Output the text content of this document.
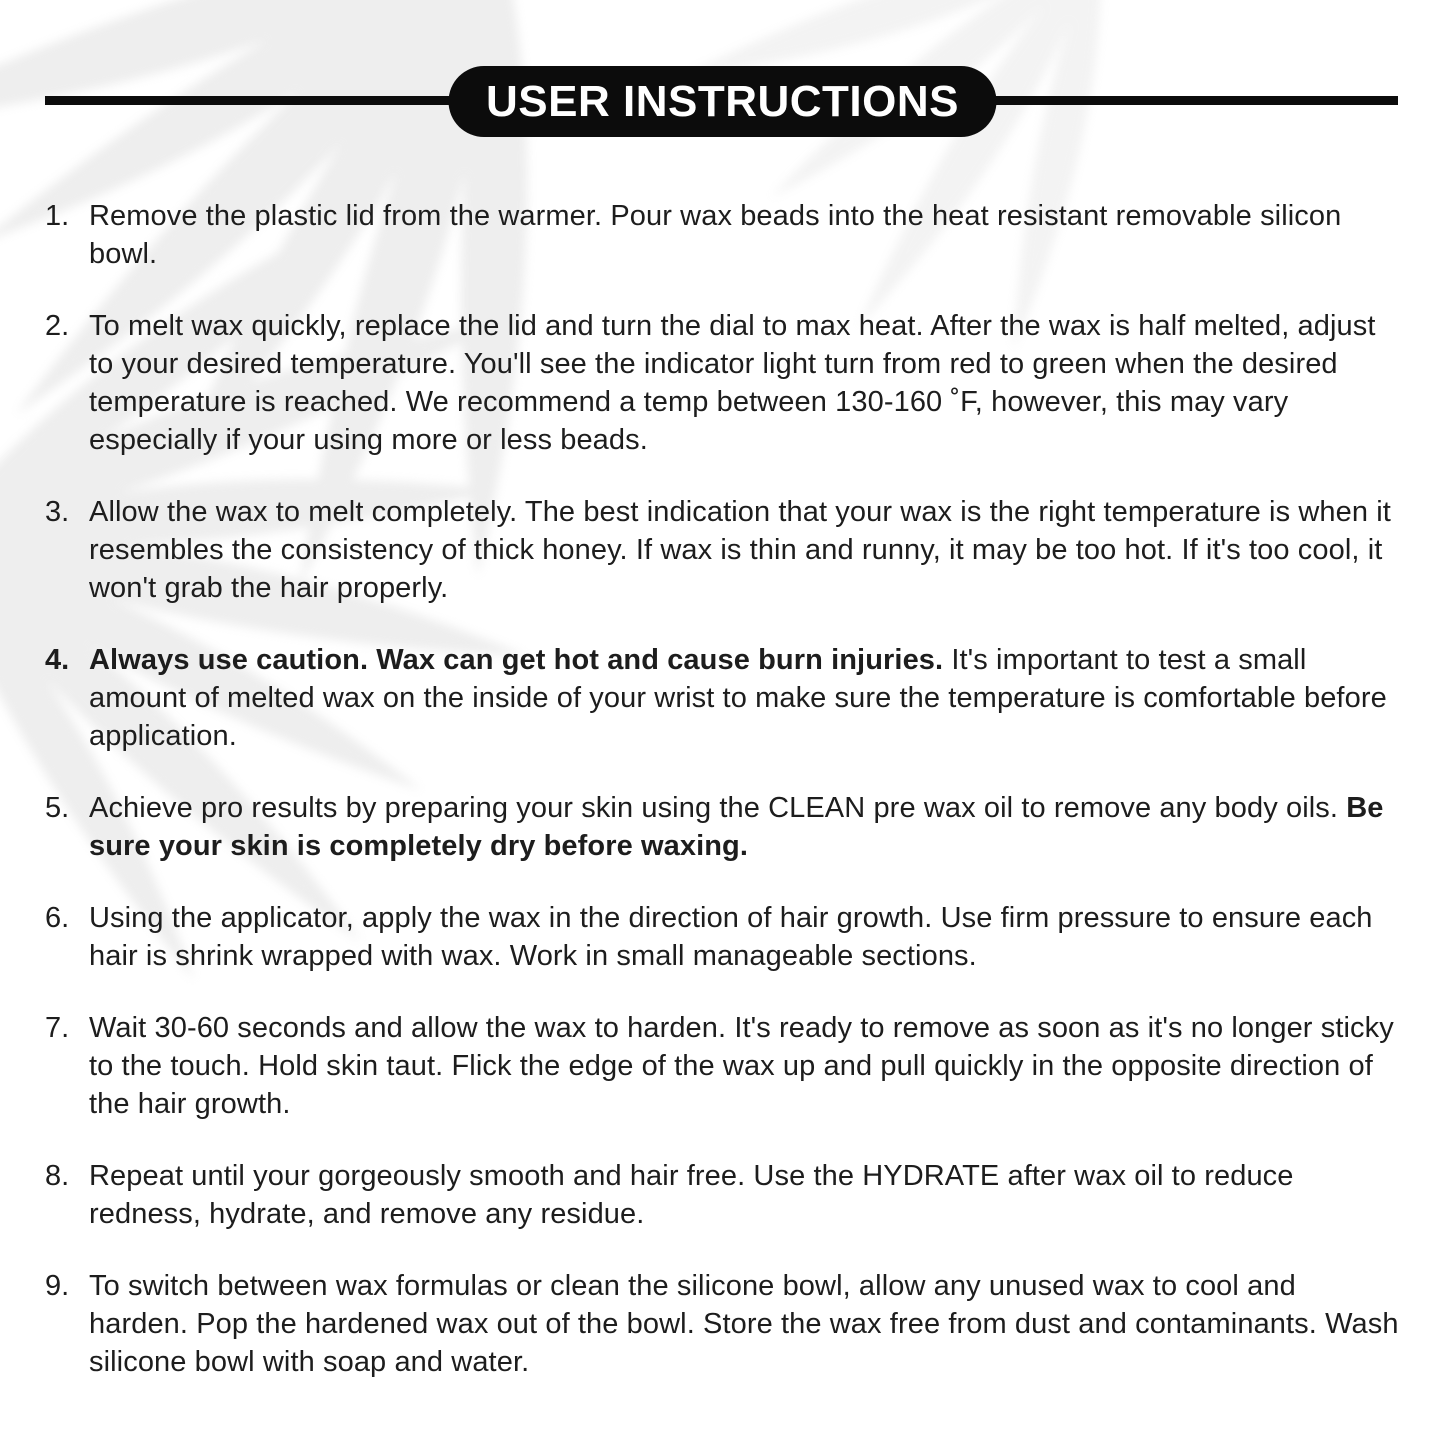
USER INSTRUCTIONS
1. Remove the plastic lid from the warmer. Pour wax beads into the heat resistant removable silicon bowl.

2. To melt wax quickly, replace the lid and turn the dial to max heat. After the wax is half melted, adjust to your desired temperature. You'll see the indicator light turn from red to green when the desired temperature is reached. We recommend a temp between 130-160 ˚F, however, this may vary especially if your using more or less beads.

3. Allow the wax to melt completely. The best indication that your wax is the right temperature is when it resembles the consistency of thick honey. If wax is thin and runny, it may be too hot. If it's too cool, it won't grab the hair properly.

4. Always use caution. Wax can get hot and cause burn injuries. It's important to test a small amount of melted wax on the inside of your wrist to make sure the temperature is comfortable before application.

5. Achieve pro results by preparing your skin using the CLEAN pre wax oil to remove any body oils. Be sure your skin is completely dry before waxing.

6. Using the applicator, apply the wax in the direction of hair growth. Use firm pressure to ensure each hair is shrink wrapped with wax. Work in small manageable sections.

7. Wait 30-60 seconds and allow the wax to harden. It's ready to remove as soon as it's no longer sticky to the touch. Hold skin taut. Flick the edge of the wax up and pull quickly in the opposite direction of the hair growth.

8. Repeat until your gorgeously smooth and hair free. Use the HYDRATE after wax oil to reduce redness, hydrate, and remove any residue.

9. To switch between wax formulas or clean the silicone bowl, allow any unused wax to cool and harden. Pop the hardened wax out of the bowl. Store the wax free from dust and contaminants. Wash silicone bowl with soap and water.
